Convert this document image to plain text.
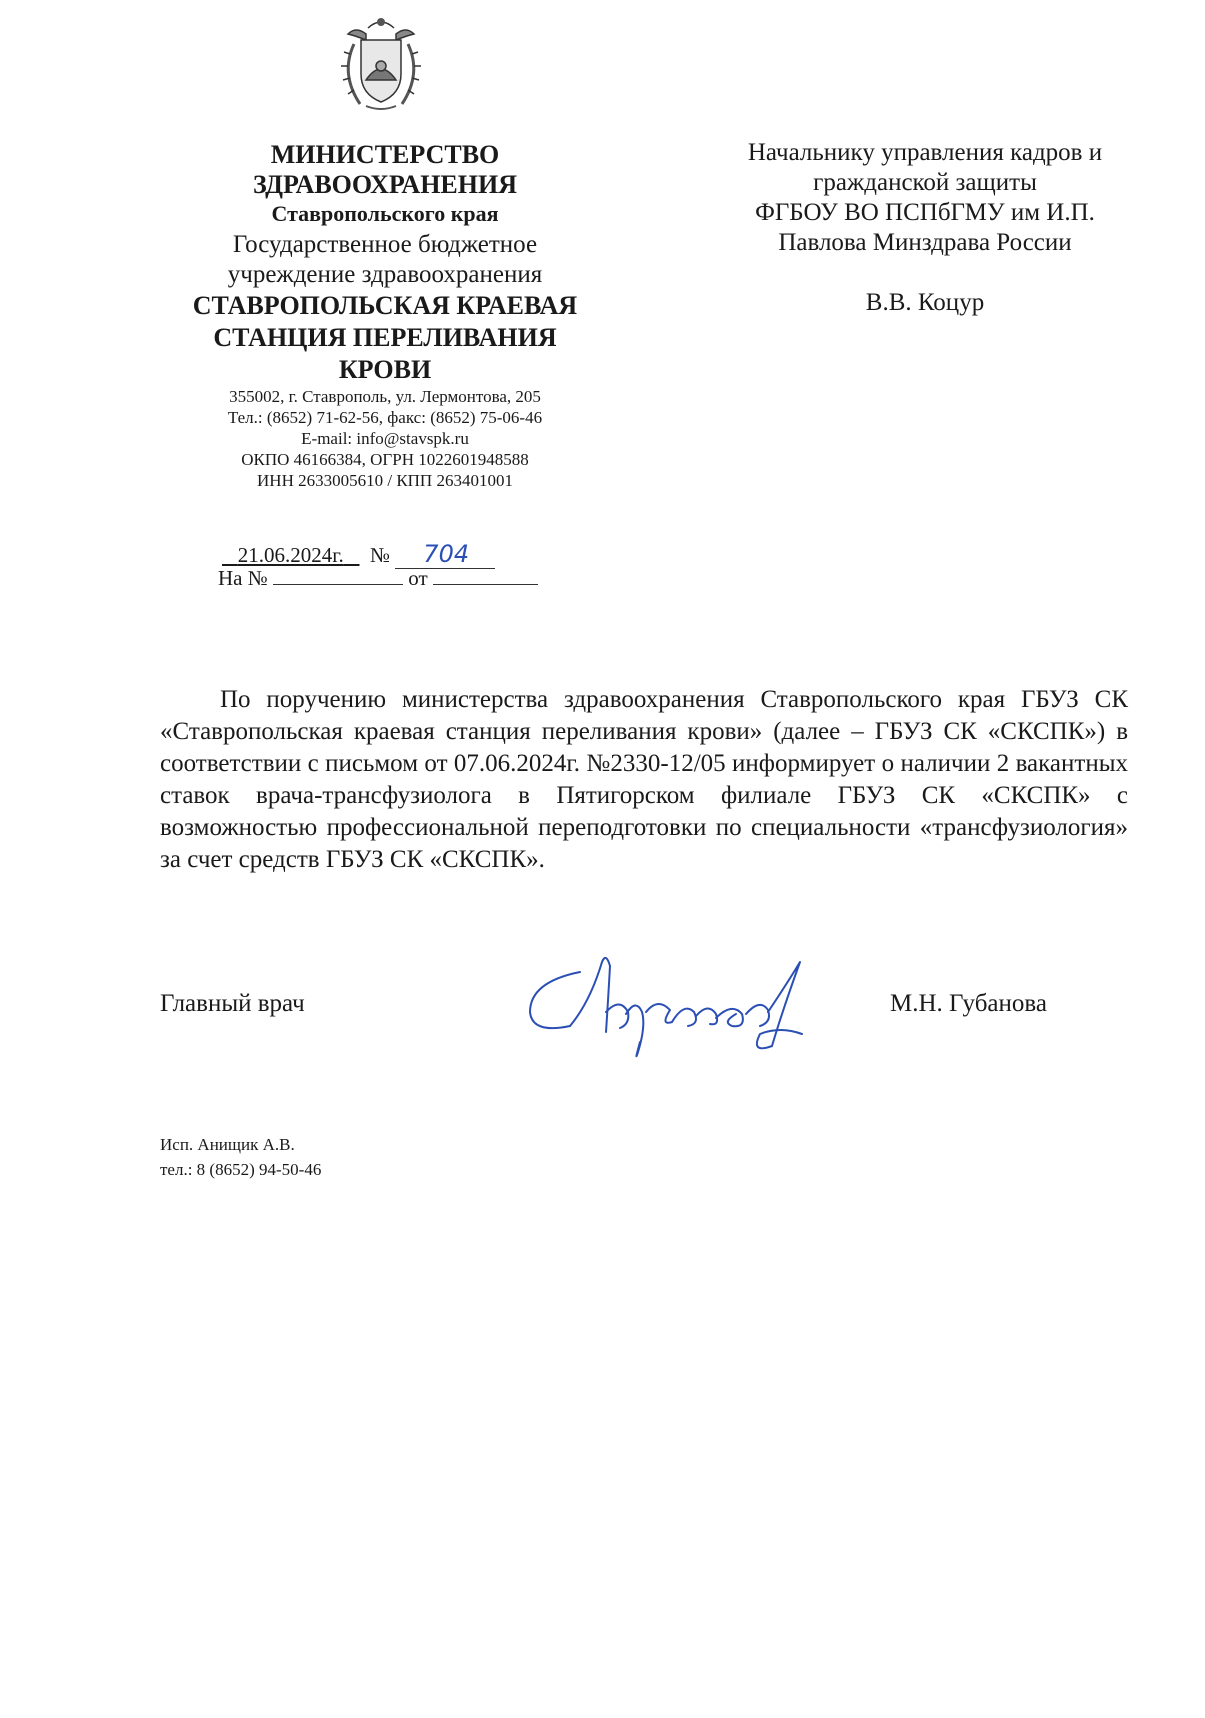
МИНИСТЕРСТВО
ЗДРАВООХРАНЕНИЯ
Ставропольского края
Государственное бюджетное
учреждение здравоохранения
СТАВРОПОЛЬСКАЯ КРАЕВАЯ
СТАНЦИЯ ПЕРЕЛИВАНИЯ
КРОВИ
355002, г. Ставрополь, ул. Лермонтова, 205
Тел.: (8652) 71-62-56, факс: (8652) 75-06-46
E-mail: info@stavspk.ru
ОКПО 46166384, ОГРН 1022601948588
ИНН 2633005610 / КПП 263401001
21.06.2024г. № 704
На №	от
Начальнику управления кадров и
гражданской защиты
ФГБОУ ВО ПСПбГМУ им И.П.
Павлова Минздрава России
В.В. Коцур
По поручению министерства здравоохранения Ставропольского края ГБУЗ СК «Ставропольская краевая станция переливания крови» (далее – ГБУЗ СК «СКСПК») в соответствии с письмом от 07.06.2024г. №2330-12/05 информирует о наличии 2 вакантных ставок врача-трансфузиолога в Пятигорском филиале ГБУЗ СК «СКСПК» с возможностью профессиональной переподготовки по специальности «трансфузиология» за счет средств ГБУЗ СК «СКСПК».
Главный врач	М.Н. Губанова
Исп. Анищик А.В.
тел.: 8 (8652) 94-50-46
